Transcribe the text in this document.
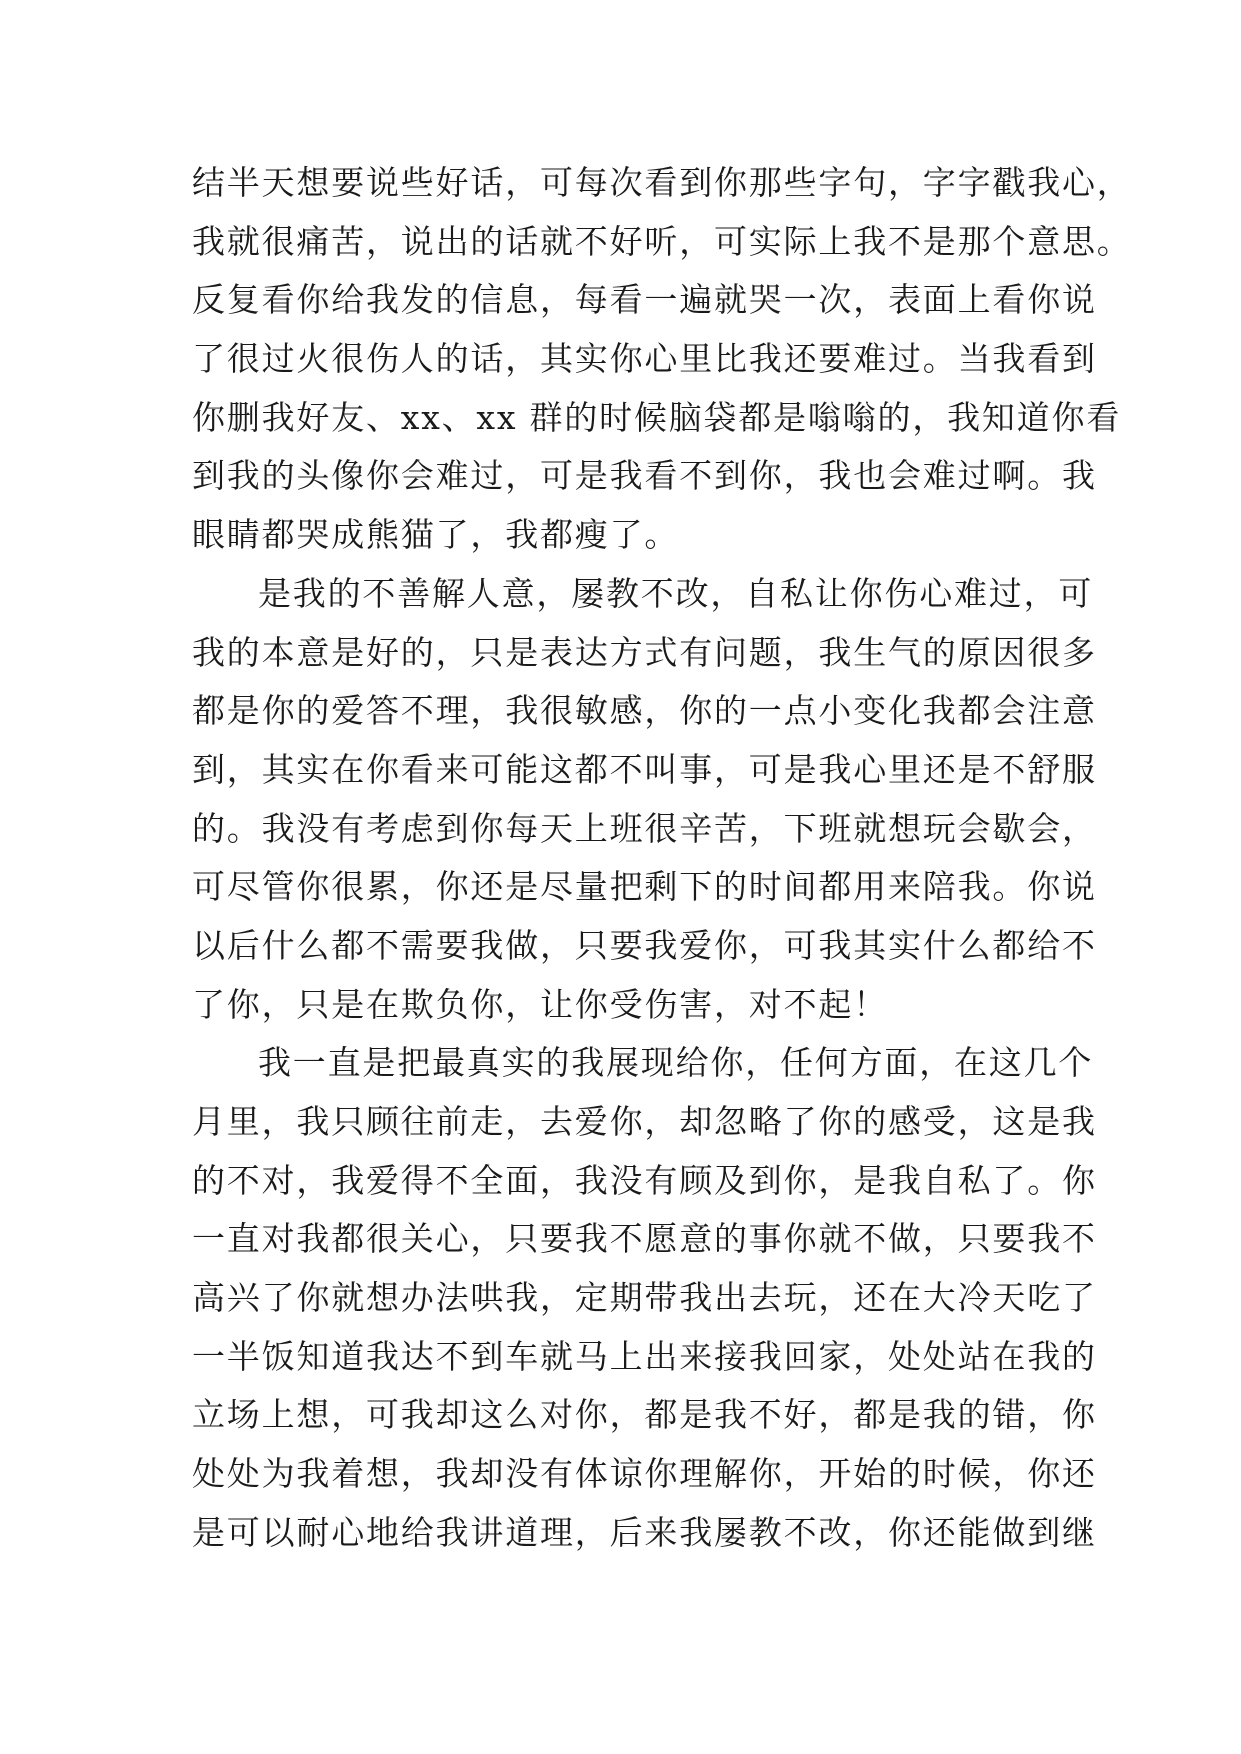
结半天想要说些好话，可每次看到你那些字句，字字戳我心，
我就很痛苦，说出的话就不好听，可实际上我不是那个意思。
反复看你给我发的信息，每看一遍就哭一次，表面上看你说
了很过火很伤人的话，其实你心里比我还要难过。当我看到
你删我好友、xx、xx 群的时候脑袋都是嗡嗡的，我知道你看
到我的头像你会难过，可是我看不到你，我也会难过啊。我
眼睛都哭成熊猫了，我都瘦了。
是我的不善解人意，屡教不改，自私让你伤心难过，可
我的本意是好的，只是表达方式有问题，我生气的原因很多
都是你的爱答不理，我很敏感，你的一点小变化我都会注意
到，其实在你看来可能这都不叫事，可是我心里还是不舒服
的。我没有考虑到你每天上班很辛苦，下班就想玩会歇会，
可尽管你很累，你还是尽量把剩下的时间都用来陪我。你说
以后什么都不需要我做，只要我爱你，可我其实什么都给不
了你，只是在欺负你，让你受伤害，对不起！
我一直是把最真实的我展现给你，任何方面，在这几个
月里，我只顾往前走，去爱你，却忽略了你的感受，这是我
的不对，我爱得不全面，我没有顾及到你，是我自私了。你
一直对我都很关心，只要我不愿意的事你就不做，只要我不
高兴了你就想办法哄我，定期带我出去玩，还在大冷天吃了
一半饭知道我达不到车就马上出来接我回家，处处站在我的
立场上想，可我却这么对你，都是我不好，都是我的错，你
处处为我着想，我却没有体谅你理解你，开始的时候，你还
是可以耐心地给我讲道理，后来我屡教不改，你还能做到继
